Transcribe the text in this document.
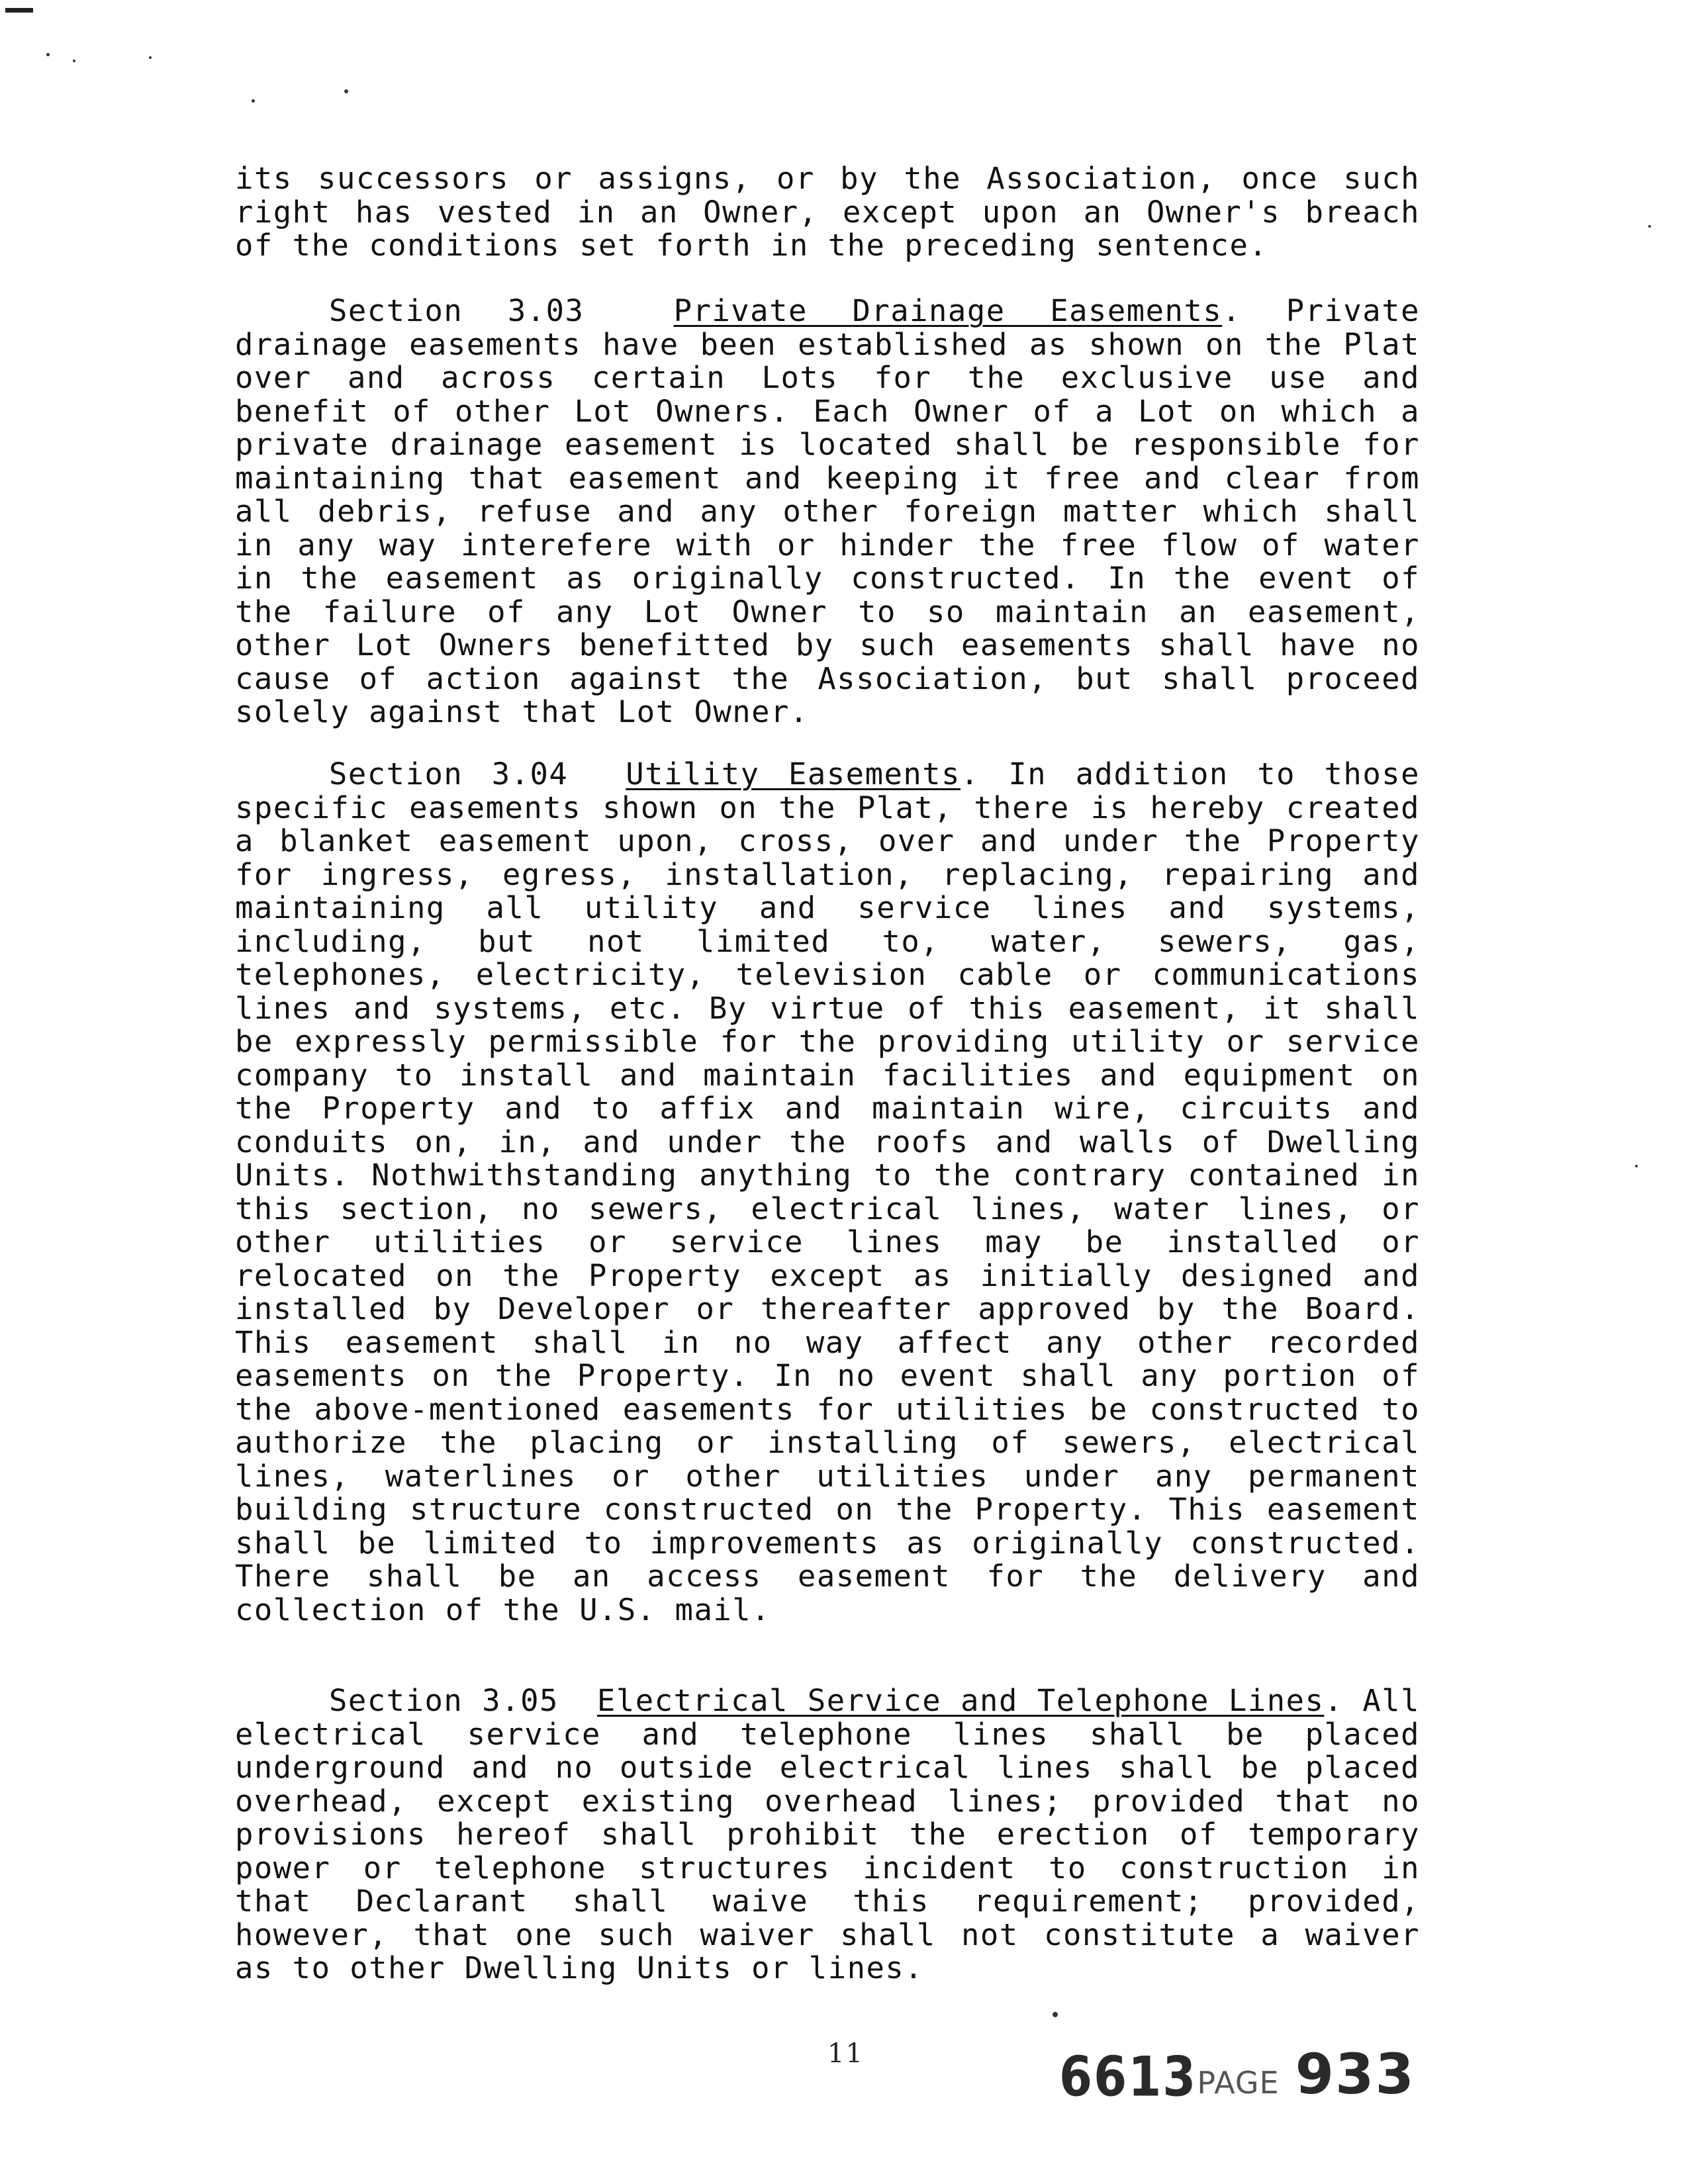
its successors or assigns, or by the Association, once such right has vested in an Owner, except upon an Owner's breach of the conditions set forth in the preceding sentence.

Section 3.03	Private Drainage Easements. Private drainage easements have been established as shown on the Plat over and across certain Lots for the exclusive use and benefit of other Lot Owners. Each Owner of a Lot on which a private drainage easement is located shall be responsible for maintaining that easement and keeping it free and clear from all debris, refuse and any other foreign matter which shall in any way interefere with or hinder the free flow of water in the easement as originally constructed. In the event of the failure of any Lot Owner to so maintain an easement, other Lot Owners benefitted by such easements shall have no cause of action against the Association, but shall proceed solely against that Lot Owner.

Section 3.04 Utility Easements. In addition to those specific easements shown on the Plat, there is hereby created a blanket easement upon, cross, over and under the Property for ingress, egress, installation, replacing, repairing and maintaining all utility and service lines and systems, including, but not limited to, water, sewers, gas, telephones, electricity, television cable or communications lines and systems, etc. By virtue of this easement, it shall be expressly permissible for the providing utility or service company to install and maintain facilities and equipment on the Property and to affix and maintain wire, circuits and conduits on, in, and under the roofs and walls of Dwelling Units. Nothwithstanding anything to the contrary contained in this section, no sewers, electrical lines, water lines, or other utilities or service lines may be installed or relocated on the Property except as initially designed and installed by Developer or thereafter approved by the Board. This easement shall in no way affect any other recorded easements on the Property. In no event shall any portion of the above-mentioned easements for utilities be constructed to authorize the placing or installing of sewers, electrical lines, waterlines or other utilities under any permanent building structure constructed on the Property. This easement shall be limited to improvements as originally constructed. There shall be an access easement for the delivery and collection of the U.S. mail.

Section 3.05 Electrical Service and Telephone Lines. All electrical service and telephone lines shall be placed underground and no outside electrical lines shall be placed overhead, except existing overhead lines; provided that no provisions hereof shall prohibit the erection of temporary power or telephone structures incident to construction in that Declarant shall waive this requirement; provided, however, that one such waiver shall not constitute a waiver as to other Dwelling Units or lines.

11	6613PAGE 933
